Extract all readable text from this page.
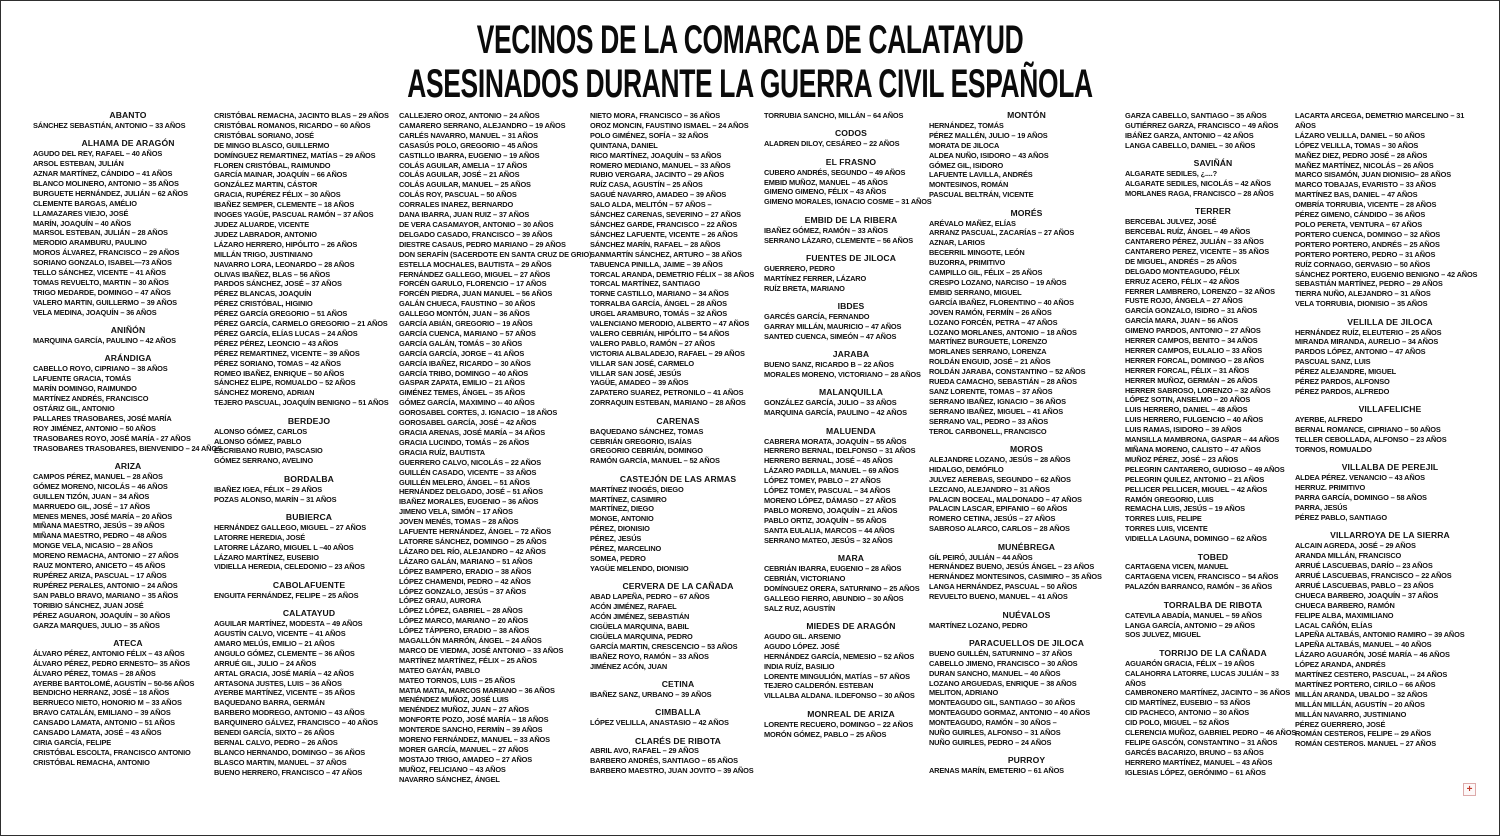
VECINOS DE LA COMARCA DE CALATAYUD
ASESINADOS DURANTE LA GUERRA CIVIL ESPAÑOLA
ABANTO
SÁNCHEZ SEBASTIÁN, ANTONIO – 33 AÑOS
ALHAMA DE ARAGÓN
AGUDO DEL REY, RAFAEL – 40 AÑOS
ARSOL ESTEBAN, JULIÁN
AZNAR MARTÍNEZ, CÁNDIDO – 41 AÑOS
BLANCO MOLINERO, ANTONIO – 35 AÑOS
BURGUETE HERNÁNDEZ, JULIÁN – 62 AÑOS
CLEMENTE BARGAS, AMÉLIO
LLAMAZARES VIEJO, JOSÉ
MARÍN, JOAQUÍN – 40 AÑOS
MARSOL ESTEBAN, JULIÁN – 28 AÑOS
MERODIO ARAMBURU, PAULINO
MOROS ÁLVAREZ, FRANCISCO – 29 AÑOS
SORIANO GONZALO, ISABEL—73 AÑOS
TELLO SÁNCHEZ, VICENTE – 41 AÑOS
TOMAS REVUELTO, MARTIN – 30 AÑOS
TRIGO MEDARDE, DOMINGO – 47 AÑOS
VALERO MARTIN, GUILLERMO – 39 AÑOS
VELA MEDINA, JOAQUÍN – 36 AÑOS
ANIÑÓN
MARQUINA GARCÍA, PAULINO – 42 AÑOS
ARÁNDIGA
CABELLO ROYO, CIPRIANO – 38 AÑOS
LAFUENTE GRACIA, TOMÁS
MARÍN DOMINGO, RAIMUNDO
MARTÍNEZ ANDRÉS, FRANCISCO
OSTÁRIZ GIL, ANTONIO
PALLARES TRASOBARES, JOSÉ MARÍA
ROY JIMÉNEZ, ANTONIO – 50 AÑOS
TRASOBARES ROYO, JOSÉ MARÍA - 27 AÑOS
TRASOBARES TRASOBARES, BIENVENIDO – 24 AÑOS
ARIZA
CAMPOS PÉREZ, MANUEL – 28 AÑOS
GÓMEZ MORENO, NICOLÁS – 46 AÑOS
GUILLEN TIZÓN, JUAN – 34 AÑOS
MARRUEDO GIL, JOSÉ – 17 AÑOS
MENES MENES, JOSÉ MARÍA – 20 AÑOS
MIÑANA MAESTRO, JESÚS – 39 AÑOS
MIÑANA MAESTRO, PEDRO – 48 AÑOS
MONGE VELA, NICASIO – 28 AÑOS
MORENO REMACHA, ANTONIO – 27 AÑOS
RAUZ MONTERO, ANICETO – 45 AÑOS
RUPÉREZ ARIZA, PASCUAL – 17 AÑOS
RUPÉREZ PERALES, ANTONIO – 24 AÑOS
SAN PABLO BRAVO, MARIANO – 35 AÑOS
TORIBIO SÁNCHEZ, JUAN JOSÉ
PÉREZ AGUARON, JOAQUÍN – 30 AÑOS
GARZA MARQUES, JULIO – 35 AÑOS
ATECA
ÁLVARO PÉREZ, ANTONIO FÉLIX – 43 AÑOS
ÁLVARO PÉREZ, PEDRO ERNESTO– 35 AÑOS
ÁLVARO PÉREZ, TOMAS – 28 AÑOS
AYERBE BARTOLOMÉ, AGUSTÍN – 50-56 AÑOS
BENDICHO HERRANZ, JOSÉ – 18 AÑOS
BERRUECO NIETO, HONORIO M – 33 AÑOS
BRAVO CATALÁN, EMILIANO – 39 AÑOS
CANSADO LAMATA, ANTONIO – 51 AÑOS
CANSADO LAMATA, JOSÉ – 43 AÑOS
CIRIA GARCÍA, FELIPE
CRISTÓBAL ESCOLTA, FRANCISCO ANTONIO
CRISTÓBAL REMACHA, ANTONIO
CRISTÓBAL REMACHA, JACINTO BLAS – 29 AÑOS
CRISTÓBAL ROMANOS, RICARDO – 60 AÑOS
CRISTÓBAL SORIANO, JOSÉ
DE MINGO BLASCO, GUILLERMO
DOMÍNGUEZ REMARTINEZ, MATÍAS – 29 AÑOS
FLOREN CRISTÓBAL, RAIMUNDO
GARCÍA MAINAR, JOAQUÍN – 66 AÑOS
GONZÁLEZ MARTIN, CÁSTOR
GRACIA, RUPÉREZ FÉLIX – 30 AÑOS
IBAÑEZ SEMPER, CLEMENTE – 18 AÑOS
INOGES YAGÜE, PASCUAL RAMÓN – 37 AÑOS
JUDEZ ALUARDE, VICENTE
JUDEZ LABRADOR, ANTONIO
LÁZARO HERRERO, HIPÓLITO – 26 AÑOS
MILLÁN TRIGO, JUSTINIANO
NAVARRO LORA, LEONARDO – 28 AÑOS
OLIVAS IBAÑEZ, BLAS – 56 AÑOS
PARDOS SÁNCHEZ, JOSÉ – 37 AÑOS
PÉREZ BLANCAS, JOAQUÍN
PÉREZ CRISTÓBAL, HIGINIO
PÉREZ GARCÍA GREGORIO – 51 AÑOS
PÉREZ GARCÍA, CARMELO GREGORIO – 21 AÑOS
PÉREZ GARCÍA, ELÍAS LUCAS – 24 AÑOS
PÉREZ PÉREZ, LEONCIO – 43 AÑOS
PÉREZ REMARTINEZ, VICENTE – 39 AÑOS
PÉREZ SORIANO, TOMAS – 42 AÑOS
ROMEO IBAÑEZ, ENRIQUE – 50 AÑOS
SÁNCHEZ ELIPE, ROMUALDO – 52 AÑOS
SÁNCHEZ MORENO, ADRIAN
TEJERO PASCUAL, JOAQUÍN BENIGNO – 51 AÑOS
BERDEJO
ALONSO GÓMEZ, CARLOS
ALONSO GÓMEZ, PABLO
ESCRIBANO RUBIO, PASCASIO
GÓMEZ SERRANO, AVELINO
BORDALBA
IBAÑEZ IGEA, FÉLIX – 29 AÑOS
POZAS ALONSO, MARÍN – 31 AÑOS
BUBIERCA
HERNÁNDEZ GALLEGO, MIGUEL – 27 AÑOS
LATORRE HEREDIA, JOSÉ
LATORRE LÁZARO, MIGUEL L –40 AÑOS
LÁZARO MARTÍNEZ, EUSEBIO
VIDIELLA HEREDIA, CELEDONIO – 23 AÑOS
CABOLAFUENTE
ENGUITA FERNÁNDEZ, FELIPE – 25 AÑOS
CALATAYUD
AGUILAR MARTÍNEZ, MODESTA – 49 AÑOS
AGUSTÍN CALVO, VICENTE – 41 AÑOS
AMARO MELÚS, EMILIO – 21 AÑOS
ANGULO GÓMEZ, CLEMENTE – 36 AÑOS
ARRUÉ GIL, JULIO – 24 AÑOS
ARTAL GRACIA, JOSÉ MARÍA – 42 AÑOS
ARTASONA JUSTES, LUIS – 36 AÑOS
AYERBE MARTÍNEZ, VICENTE – 35 AÑOS
BAQUEDANO BARRA, GERMÁN
BARBERO MODREGO, ANTONIO – 43 AÑOS
BARQUINERO GÁLVEZ, FRANCISCO – 40 AÑOS
BENEDI GARCÍA, SIXTO – 26 AÑOS
BERNAL CALVO, PEDRO – 26 AÑOS
BLANCO HERNANDO, DOMINGO – 36 AÑOS
BLASCO MARTIN, MANUEL – 37 AÑOS
BUENO HERRERO, FRANCISCO – 47 AÑOS
CALLEJERO OROZ, ANTONIO – 24 AÑOS
CAMARERO SERRANO, ALEJANDRO – 19 AÑOS
CARLÉS NAVARRO, MANUEL – 31 AÑOS
CASASÚS POLO, GREGORIO – 45 AÑOS
CASTILLO IBARRA, EUGENIO – 19 AÑOS
COLÁS AGUILAR, AMELIA – 17 AÑOS
COLÁS AGUILAR, JOSÉ – 21 AÑOS
COLÁS AGUILAR, MANUEL – 25 AÑOS
COLÁS ROY, PASCUAL – 50 AÑOS
CORRALES INAREZ, BERNARDO
DANA IBARRA, JUAN RUIZ – 37 AÑOS
DE VERA CASAMAYOR, ANTONIO – 30 AÑOS
DELGADO CASADO, FRANCISCO – 39 AÑOS
DIESTRE CASAUS, PEDRO MARIANO – 29 AÑOS
DON SERAFÍN (SACERDOTE EN SANTA CRUZ DE GRIO)
ESTELLA MOCHALES, BAUTISTA – 29 AÑOS
FERNÁNDEZ GALLEGO, MIGUEL – 27 AÑOS
FORCÉN GARULO, FLORENCIO – 17 AÑOS
FORCÉN PIEDRA, JUAN MANUEL – 56 AÑOS
GALÁN CHUECA, FAUSTINO – 30 AÑOS
GALLEGO MONTÓN, JUAN – 36 AÑOS
GARCÍA ABIÁN, GREGORIO – 19 AÑOS
GARCÍA CUENCA, MARIANO – 57 AÑOS
GARCÍA GALÁN, TOMÁS – 30 AÑOS
GARCÍA GARCÍA, JORGE – 41 AÑOS
GARCÍA IBAÑEZ, RICARDO – 30 AÑOS
GARCÍA TRIBO, DOMINGO – 40 AÑOS
GASPAR ZAPATA, EMILIO – 21 AÑOS
GIMÉNEZ TEMES, ÁNGEL – 35 AÑOS
GÓMEZ GARCÍA, MAXIMINO -- 40 AÑOS
GOROSABEL CORTES, J. IGNACIO – 18 AÑOS
GOROSABEL GARCÍA, JOSÉ – 42 AÑOS
GRACIA ARENAS, JOSÉ MARÍA – 34 AÑOS
GRACIA LUCINDO, TOMÁS – 26 AÑOS
GRACIA RUÍZ, BAUTISTA
GUERRERO CALVO, NICOLÁS – 22 AÑOS
GUILLÉN CASADO, VICENTE – 33 AÑOS
GUILLÉN MELERO, ÁNGEL – 51 AÑOS
HERNÁNDEZ DELGADO, JOSÉ – 51 AÑOS
IBAÑEZ MORALES, EUGENIO – 36 AÑOS
JIMENO VELA, SIMÓN – 17 AÑOS
JOVEN MENÉS, TOMAS – 28 AÑOS
LAFUENTE HERNÁNDEZ, ÁNGEL – 72 AÑOS
LATORRE SÁNCHEZ, DOMINGO – 25 AÑOS
LÁZARO DEL RÍO, ALEJANDRO – 42 AÑOS
LÁZARO GALÁN, MARIANO – 51 AÑOS
LÓPEZ BAMPERO, ERADIO – 38 AÑOS
LÓPEZ CHAMENDI, PEDRO – 42 AÑOS
LÓPEZ GONZALO, JESÚS – 37 AÑOS
LÓPEZ GRAU, AURORA
LÓPEZ LÓPEZ, GABRIEL – 28 AÑOS
LÓPEZ MARCO, MARIANO – 20 AÑOS
LÓPEZ TÁPPERO, ERADIO – 38 AÑOS
MAGALLÓN MARRÓN, ÁNGEL – 24 AÑOS
MARCO DE VIEDMA, JOSÉ ANTONIO – 33 AÑOS
MARTÍNEZ MARTÍNEZ, FÉLIX – 25 AÑOS
MATEO GAYÁN, PABLO
MATEO TORNOS, LUIS – 25 AÑOS
MATIA MATIA, MARCOS MARIANO – 36 AÑOS
MENÉNDEZ MUÑOZ, JOSÉ LUIS
MENÉNDEZ MUÑOZ, JUAN – 27 AÑOS
MONFORTE POZO, JOSÉ MARÍA – 18 AÑOS
MONTERDE SANCHO, FERMÍN – 39 AÑOS
MORENO FERNÁNDEZ, MANUEL – 33 AÑOS
MORER GARCÍA, MANUEL – 27 AÑOS
MOSTAJO TRIGO, AMADEO – 27 AÑOS
MUÑOZ, FELICIANO – 43 AÑOS
NAVARRO SÁNCHEZ, ÁNGEL
NIETO MORA, FRANCISCO – 36 AÑOS
OROZ MONCIN, FAUSTINO ISMAEL – 24 AÑOS
POLO GIMÉNEZ, SOFÍA – 32 AÑOS
QUINTANA, DANIEL
RICO MARTÍNEZ, JOAQUÍN – 53 AÑOS
ROMERO MEDIANO, MANUEL – 33 AÑOS
RUBIO VERGARA, JACINTO – 29 AÑOS
RUÍZ CASA, AGUSTÍN – 25 AÑOS
SAGUÉ NAVARRO, AMADEO – 39 AÑOS
SALO ALDA, MELITÓN – 57 AÑOS –
SÁNCHEZ CARENAS, SEVERINO – 27 AÑOS
SÁNCHEZ GARDE, FRANCISCO – 22 AÑOS
SÁNCHEZ LAFUENTE, VICENTE – 26 AÑOS
SÁNCHEZ MARÍN, RAFAEL – 28 AÑOS
SANMARTÍN SÁNCHEZ, ARTURO – 38 AÑOS
TABUENCA PINILLA, JAIME – 39 AÑOS
TORCAL ARANDA, DEMETRIO FÉLIX – 38 AÑOS
TORCAL MARTÍNEZ, SANTIAGO
TORNE CASTILLO, MARIANO – 34 AÑOS
TORRALBA GARCÍA, ÁNGEL – 28 AÑOS
URGEL ARAMBURO, TOMÁS – 32 AÑOS
VALENCIANO MERODIO, ALBERTO – 47 AÑOS
VALERO CEBRIÁN, HIPÓLITO – 54 AÑOS
VALERO PABLO, RAMÓN – 27 AÑOS
VICTORIA ALBALADEJO, RAFAEL – 29 AÑOS
VILLAR SAN JOSÉ, CARMELO
VILLAR SAN JOSÉ, JESÚS
YAGÜE, AMADEO – 39 AÑOS
ZAPATERO SUAREZ, PETRONILO – 41 AÑOS
ZORRAQUIN ESTEBAN, MARIANO – 28 AÑOS
CARENAS
BAQUEDANO SÁNCHEZ, TOMAS
CEBRIÁN GREGORIO, ISAÍAS
GREGORIO CEBRIÁN, DOMINGO
RAMÓN GARCÍA, MANUEL – 52 AÑOS
CASTEJÓN DE LAS ARMAS
MARTÍNEZ INOGÉS, DIEGO
MARTÍNEZ, CASIMIRO
MARTÍNEZ, DIEGO
MONGE, ANTONIO
PÉREZ, DIONISIO
PÉREZ, JESÚS
PÉREZ, MARCELINO
SOMEA, PEDRO
YAGÜE MELENDO, DIONISIO
CERVERA DE LA CAÑADA
ABAD LAPEÑA, PEDRO – 67 AÑOS
ACÓN JIMÉNEZ, RAFAEL
ACÓN JIMÉNEZ, SEBASTIÁN
CIGÜELA MARQUINA, BABIL
CIGÜELA MARQUINA, PEDRO
GARCÍA MARTIN, CRESCENCIO – 53 AÑOS
IBAÑEZ ROYO, RAMÓN – 33 AÑOS
JIMÉNEZ ACÓN, JUAN
CETINA
IBAÑEZ SANZ, URBANO – 39 AÑOS
CIMBALLA
LÓPEZ VELILLA, ANASTASIO – 42 AÑOS
CLARÉS DE RIBOTA
ABRIL AVO, RAFAEL – 29 AÑOS
BARBERO ANDRÉS, SANTIAGO – 65 AÑOS
BARBERO MAESTRO, JUAN JOVITO – 39 AÑOS
TORRUBIA SANCHO, MILLÁN – 64 AÑOS
CODOS
ALADREN DILOY, CESÁREO – 22 AÑOS
EL FRASNO
CUBERO ANDRÉS, SEGUNDO – 49 AÑOS
EMBID MUÑOZ, MANUEL – 45 AÑOS
GIMENO GIMENO, FÉLIX – 43 AÑOS
GIMENO MORALES, IGNACIO COSME – 31 AÑOS
EMBID DE LA RIBERA
IBAÑEZ GÓMEZ, RAMÓN – 33 AÑOS
SERRANO LÁZARO, CLEMENTE – 56 AÑOS
FUENTES DE JILOCA
GUERRERO, PEDRO
MARTÍNEZ FERRER, LÁZARO
RUÍZ BRETA, MARIANO
IBDES
GARCÉS GARCÍA, FERNANDO
GARRAY MILLÁN, MAURICIO – 47 AÑOS
SANTED CUENCA, SIMEÓN – 47 AÑOS
JARABA
BUENO SANZ, RICARDO B – 22 AÑOS
MORALES MORENO, VICTORIANO – 28 AÑOS
MALANQUILLA
GONZÁLEZ GARCÍA, JULIO – 33 AÑOS
MARQUINA GARCÍA, PAULINO – 42 AÑOS
MALUENDA
CABRERA MORATA, JOAQUÍN – 55 AÑOS
HERRERO BERNAL, IDELFONSO – 31 AÑOS
HERRERO BERNAL, JOSÉ – 45 AÑOS
LÁZARO PADILLA, MANUEL – 69 AÑOS
LÓPEZ TOMEY, PABLO – 27 AÑOS
LÓPEZ TOMEY, PASCUAL – 34 AÑOS
MORENO LÓPEZ, DÁMASO – 27 AÑOS
PABLO MORENO, JOAQUÍN – 21 AÑOS
PABLO ORTIZ, JOAQUÍN – 55 AÑOS
SANTA EULALIA, MARCOS – 44 AÑOS
SERRANO MATEO, JESÚS – 32 AÑOS
MARA
CEBRIÁN IBARRA, EUGENIO – 28 AÑOS
CEBRIÁN, VICTORIANO
DOMÍNGUEZ ORERA, SATURNINO – 25 AÑOS
GALLEGO FIERRO, ABUNDIO – 30 AÑOS
SALZ RUZ, AGUSTÍN
MIEDES DE ARAGÓN
AGUDO GIL. ARSENIO
AGUDO LÓPEZ. JOSÉ
HERNÁNDEZ GARCÍA, NEMESIO – 52 AÑOS
INDIA RUÍZ, BASILIO
LORENTE MINGULIÓN, MATÍAS – 57 AÑOS
TEJERO CALDERÓN. ESTEBAN
VILLALBA ALDANA. ILDEFONSO – 30 AÑOS
MONREAL DE ARIZA
LORENTE RECUERO, DOMINGO – 22 AÑOS
MORÓN GÓMEZ, PABLO – 25 AÑOS
MONTÓN
HERNÁNDEZ, TOMÁS
PÉREZ MALLÉN, JULIO – 19 AÑOS
MORATA DE JILOCA
ALDEA NUÑO, ISIDORO – 43 AÑOS
GÓMEZ GIL, ISIDORO
LAFUENTE LAVILLA, ANDRÉS
MONTESINOS, ROMÁN
PASCUAL BELTRÁN, VICENTE
MORÉS
ARÉVALO MAÑEZ, ELÍAS
ARRANZ PASCUAL, ZACARÍAS – 27 AÑOS
AZNAR, LARIOS
BECERRIL MINGOTE, LEÓN
BUZORRA, PRIMITIVO
CAMPILLO GIL, FÉLIX – 25 AÑOS
CRESPO LOZANO, NARCISO – 19 AÑOS
EMBID SERRANO, MIGUEL
GARCÍA IBAÑEZ, FLORENTINO – 40 AÑOS
JOVEN RAMÓN, FERMÍN – 26 AÑOS
LOZANO FORCÉN, PETRA – 47 AÑOS
LOZANO MORLANES, ANTONIO – 18 AÑOS
MARTÍNEZ BURGUETE, LORENZO
MORLANES SERRANO, LORENZA
ROLDÁN ENGUID, JOSÉ – 21 AÑOS
ROLDÁN JARABA, CONSTANTINO – 52 AÑOS
RUEDA CAMACHO, SEBASTIÁN – 28 AÑOS
SANZ LORENTE, TOMAS – 37 AÑOS
SERRANO IBAÑEZ, IGNACIO – 36 AÑOS
SERRANO IBAÑEZ, MIGUEL – 41 AÑOS
SERRANO VAL, PEDRO – 33 AÑOS
TEROL CARBONELL, FRANCISCO
MOROS
ALEJANDRE LOZANO, JESÚS – 28 AÑOS
HIDALGO, DEMÓFILO
JULVEZ AEREBAS, SEGUNDO – 62 AÑOS
LEZCANO, ALEJANDRO – 31 AÑOS
PALACIN BOCEAL, MALDONADO – 47 AÑOS
PALACIN LASCAR, EPIFANIO – 60 AÑOS
ROMERO CETINA, JESÚS – 27 AÑOS
SABROSO ALARCO, CARLOS – 28 AÑOS
MUNÉBREGA
GÍL PEIRÓ, JULIÁN – 44 AÑOS
HERNÁNDEZ BUENO, JESÚS ÁNGEL – 23 AÑOS
HERNÁNDEZ MONTESINOS, CASIMIRO – 35 AÑOS
LANGA HERNÁNDEZ, PASCUAL – 50 AÑOS
REVUELTO BUENO, MANUEL – 41 AÑOS
NUÉVALOS
MARTÍNEZ LOZANO, PEDRO
PARACUELLOS DE JILOCA
BUENO GUILLÉN, SATURNINO – 37 AÑOS
CABELLO JIMENO, FRANCISCO – 30 AÑOS
DURAN SANCHO, MANUEL – 40 AÑOS
LOZANO ARGUEDAS, ENRIQUE – 38 AÑOS
MELITON, ADRIANO
MONTEAGUDO GIL, SANTIAGO – 30 AÑOS
MONTEAGUDO GORMAZ, ANTONIO – 40 AÑOS
MONTEAGUDO, RAMÓN – 30 AÑOS –
NUÑO GUIRLES, ALFONSO – 31 AÑOS
NUÑO GUIRLES, PEDRO – 24 AÑOS
PURROY
ARENAS MARÍN, EMETERIO – 61 AÑOS
GARZA CABELLO, SANTIAGO – 35 AÑOS
GUTIÉRREZ GARZA, FRANCISCO – 49 AÑOS
IBÁÑEZ GARZA, ANTONIO – 42 AÑOS
LANGA CABELLO, DANIEL – 30 AÑOS
SAVIÑÁN
ALGARATE SEDILES, ¿....?
ALGARATE SEDILES, NICOLÁS – 42 AÑOS
MORLANES RAGA, FRANCISCO – 28 AÑOS
TERRER
BERCEBAL JULVEZ, JOSÉ
BERCEBAL RUÍZ, ÁNGEL – 49 AÑOS
CANTARERO PÉREZ, JULIÁN – 33 AÑOS
CANTARERO PEREZ, VICENTE – 35 AÑOS
DE MIGUEL, ANDRÉS – 25 AÑOS
DELGADO MONTEAGUDO, FÉLIX
ERRUZ ACERO, FÉLIX – 42 AÑOS
FERRER LAMBRERO, LORENZO – 32 AÑOS
FUSTE ROJO, ÁNGELA – 27 AÑOS
GARCÍA GONZALO, ISIDRO – 31 AÑOS
GARCÍA MARA, JUAN – 56 AÑOS
GIMENO PARDOS, ANTONIO – 27 AÑOS
HERRER CAMPOS, BENITO – 34 AÑOS
HERRER CAMPOS, EULALIO – 33 AÑOS
HERRER FORCAL, DOMINGO – 28 AÑOS
HERRER FORCAL, FÉLIX – 31 AÑOS
HERRER MUÑOZ, GERMÁN – 26 AÑOS
HERRER SABROSO, LORENZO – 32 AÑOS
LÓPEZ SOTIN, ANSELMO – 20 AÑOS
LUIS HERRERO, DANIEL – 48 AÑOS
LUIS HERRERO, FULGENCIO – 40 AÑOS
LUIS RAMAS, ISIDORO – 39 AÑOS
MANSILLA MAMBRONA, GASPAR – 44 AÑOS
MIÑANA MORENO, CALISTO – 47 AÑOS
MUÑOZ PÉREZ, JOSÉ – 23 AÑOS
PELEGRIN CANTARERO, GUDIOSO – 49 AÑOS
PELEGRIN QUILEZ, ANTONIO – 21 AÑOS
PELLICER PELLICER, MIGUEL – 42 AÑOS
RAMÓN GREGORIO, LUIS
REMACHA LUIS, JESÚS – 19 AÑOS
TORRES LUIS, FELIPE
TORRES LUIS, VICENTE
VIDIELLA LAGUNA, DOMINGO – 62 AÑOS
TOBED
CARTAGENA VICEN, MANUEL
CARTAGENA VICEN, FRANCISCO – 54 AÑOS
PALAZÓN BARRANCO, RAMÓN – 36 AÑOS
TORRALBA DE RIBOTA
CATEVILA ABADÍA, MANUEL – 59 AÑOS
LANGA GARCÍA, ANTONIO – 29 AÑOS
SOS JULVEZ, MIGUEL
TORRIJO DE LA CAÑADA
AGUARÓN GRACIA, FÉLIX – 19 AÑOS
CALAHORRA LATORRE, LUCAS JULIÁN – 33 AÑOS
CAMBRONERO MARTÍNEZ, JACINTO – 36 AÑOS
CID MARTÍNEZ, EUSEBIO – 53 AÑOS
CID PACHECO, ANTONIO – 30 AÑOS
CID POLO, MIGUEL – 52 AÑOS
CLERENCIA MUÑOZ, GABRIEL PEDRO – 46 AÑOS
FELIPE GASCÓN, CONSTANTINO – 31 AÑOS
GARCÉS BACARIZO, BRUNO – 53 AÑOS
HERRERO MARTÍNEZ, MANUEL – 43 AÑOS
IGLESIAS LÓPEZ, GERÓNIMO – 61 AÑOS
LACARTA ARCEGA, DEMETRIO MARCELINO – 31 AÑOS
LÁZARO VELILLA, DANIEL – 50 AÑOS
LÓPEZ VELILLA, TOMAS – 30 AÑOS
MAÑEZ DIEZ, PEDRO JOSÉ – 28 AÑOS
MAÑEZ MARTÍNEZ, NICOLÁS – 26 AÑOS
MARCO SISAMÓN, JUAN DIONISIO– 28 AÑOS
MARCO TOBAJAS, EVARISTO – 33 AÑOS
MARTÍNEZ BAS, DANIEL – 47 AÑOS
OMBRÍA TORRUBIA, VICENTE – 28 AÑOS
PÉREZ GIMENO, CÁNDIDO – 36 AÑOS
POLO PERETA, VENTURA – 67 AÑOS
PORTERO CUENCA, DOMINGO – 32 AÑOS
PORTERO PORTERO, ANDRÉS – 25 AÑOS
PORTERO PORTERO, PEDRO – 31 AÑOS
RUÍZ CORNAGO, GERVASIO – 50 AÑOS
SÁNCHEZ PORTERO, EUGENIO BENIGNO – 42 AÑOS
SEBASTIÁN MARTÍNEZ, PEDRO – 29 AÑOS
TIERRA NUÑO, ALEJANDRO – 31 AÑOS
VELA TORRUBIA, DIONISIO – 35 AÑOS
VELILLA DE JILOCA
HERNÁNDEZ RUÍZ, ELEUTERIO – 25 AÑOS
MIRANDA MIRANDA, AURELIO – 34 AÑOS
PARDOS LÓPEZ, ANTONIO – 47 AÑOS
PASCUAL SANZ, LUIS
PÉREZ ALEJANDRE, MIGUEL
PÉREZ PARDOS, ALFONSO
PÉREZ PARDOS, ALFREDO
VILLAFELICHE
AYERBE, ALFREDO
BERNAL ROMANCE, CIPRIANO – 50 AÑOS
TELLER CEBOLLADA, ALFONSO – 23 AÑOS
TORNOS, ROMUALDO
VILLALBA DE PEREJIL
ALDEA PÉREZ. VENANCIO – 43 AÑOS
HERRUZ. PRIMITIVO
PARRA GARCÍA, DOMINGO – 58 AÑOS
PARRA, JESÚS
PÉREZ PABLO, SANTIAGO
VILLARROYA DE LA SIERRA
ALCAIN AGREDA, JOSÉ – 29 AÑOS
ARANDA MILLÁN, FRANCISCO
ARRUÉ LASCUEBAS, DARÍO -- 23 AÑOS
ARRUÉ LASCUEBAS, FRANCISCO – 22 AÑOS
ARRUÉ LASCUEBAS, PABLO – 23 AÑOS
CHUECA BARBERO, JOAQUÍN – 37 AÑOS
CHUECA BARBERO, RAMÓN
FELIPE ALBA, MAXIMILIANO
LACAL CAÑÓN, ELÍAS
LAPEÑA ALTABÁS, ANTONIO RAMIRO – 39 AÑOS
LAPEÑA ALTABÁS, MANUEL – 40 AÑOS
LÁZARO AGUARÓN, JOSÉ MARÍA – 46 AÑOS
LÓPEZ ARANDA, ANDRÉS
MARTÍNEZ CESTERO, PASCUAL, -- 24 AÑOS
MARTÍNEZ PORTERO, CIRILO – 66 AÑOS
MILLÁN ARANDA, UBALDO – 32 AÑOS
MILLÁN MILLÁN, AGUSTÍN – 20 AÑOS
MILLÁN NAVARRO, JUSTINIANO
PÉREZ GUERRERO, JOSÉ
ROMÁN CESTEROS, FELIPE -- 29 AÑOS
ROMÁN CESTEROS. MANUEL – 27 AÑOS
+
